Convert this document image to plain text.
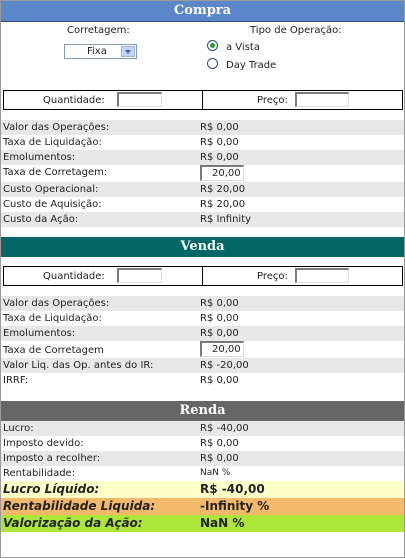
Compra
Corretagem:
Fixa
Tipo de Operação:
a Vista
Day Trade
Quantidade:	Preço:
Valor das Operações:	R$ 0,00
Taxa de Liquidação:	R$ 0,00
Emolumentos:	R$ 0,00
Taxa de Corretagem:	20,00
Custo Operacional:	R$ 20,00
Custo de Aquisição:	R$ 20,00
Custo da Ação:	R$ Infinity
Venda
Quantidade:	Preço:
Valor das Operações:	R$ 0,00
Taxa de Liquidação:	R$ 0,00
Emolumentos:	R$ 0,00
Taxa de Corretagem	20,00
Valor Liq. das Op. antes do IR:	R$ -20,00
IRRF:	R$ 0,00
Renda
Lucro:	R$ -40,00
Imposto devido:	R$ 0,00
Imposto a recolher:	R$ 0,00
Rentabilidade:	NaN %
Lucro Líquido:	R$ -40,00
Rentabilidade Liquida:	-Infinity %
Valorização da Ação:	NaN %
